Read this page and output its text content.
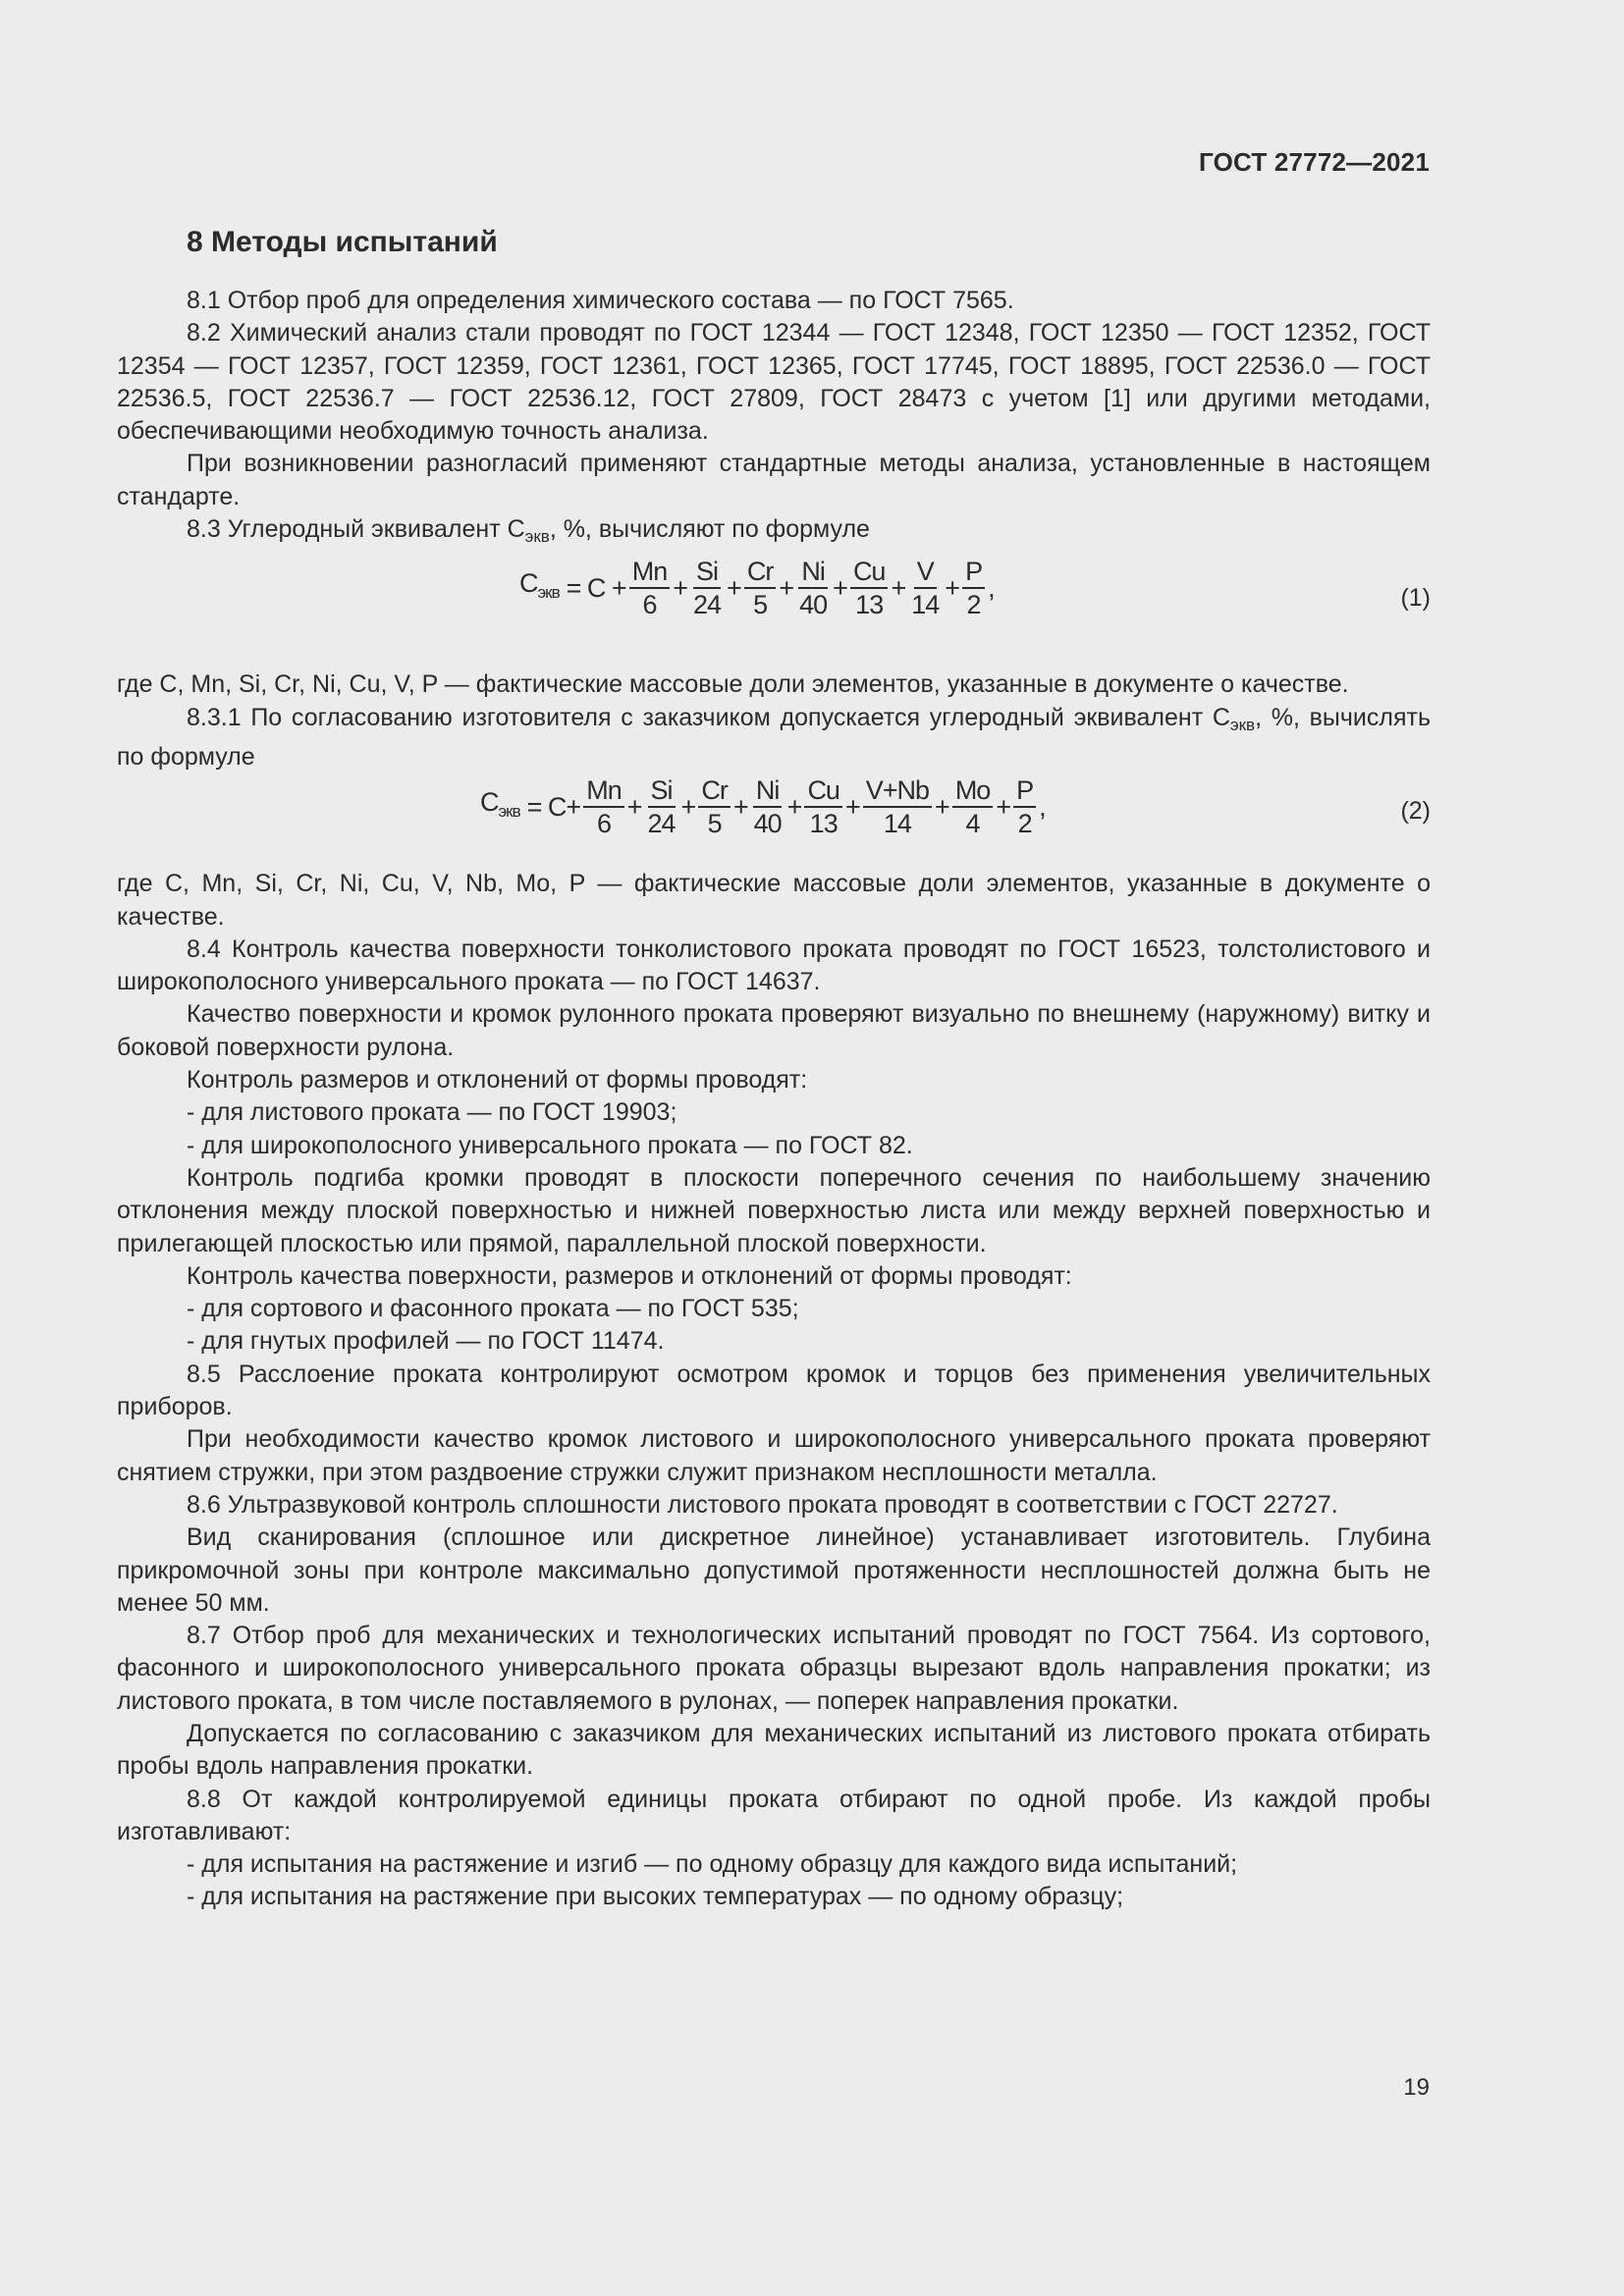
ГОСТ 27772—2021
8 Методы испытаний

8.1 Отбор проб для определения химического состава — по ГОСТ 7565.

8.2 Химический анализ стали проводят по ГОСТ 12344 — ГОСТ 12348, ГОСТ 12350 — ГОСТ 12352, ГОСТ 12354 — ГОСТ 12357, ГОСТ 12359, ГОСТ 12361, ГОСТ 12365, ГОСТ 17745, ГОСТ 18895, ГОСТ 22536.0 — ГОСТ 22536.5, ГОСТ 22536.7 — ГОСТ 22536.12, ГОСТ 27809, ГОСТ 28473 с учетом [1] или другими методами, обеспечивающими необходимую точность анализа.

При возникновении разногласий применяют стандартные методы анализа, установленные в настоящем стандарте.

8.3 Углеродный эквивалент $С_{экв}$, %, вычисляют по формуле

$С_{экв} = C + \frac{Mn}{6} + \frac{Si}{24} + \frac{Cr}{5} + \frac{Ni}{40} + \frac{Cu}{13} + \frac{V}{14} + \frac{P}{2}$ ,	(1)

где C, Mn, Si, Cr, Ni, Cu, V, P — фактические массовые доли элементов, указанные в документе о качестве.

8.3.1 По согласованию изготовителя с заказчиком допускается углеродный эквивалент $С_{экв}$, %, вычислять по формуле

$С_{экв} = C+ \frac{Mn}{6} + \frac{Si}{24} + \frac{Cr}{5} + \frac{Ni}{40} + \frac{Cu}{13} + \frac{V+Nb}{14} + \frac{Mo}{4} + \frac{P}{2}$ ,	(2)

где C, Mn, Si, Cr, Ni, Cu, V, Nb, Mo, P — фактические массовые доли элементов, указанные в документе о качестве.

8.4 Контроль качества поверхности тонколистового проката проводят по ГОСТ 16523, толстолистового и широкополосного универсального проката — по ГОСТ 14637.

Качество поверхности и кромок рулонного проката проверяют визуально по внешнему (наружному) витку и боковой поверхности рулона.

Контроль размеров и отклонений от формы проводят:

- для листового проката — по ГОСТ 19903;

- для широкополосного универсального проката — по ГОСТ 82.

Контроль подгиба кромки проводят в плоскости поперечного сечения по наибольшему значению отклонения между плоской поверхностью и нижней поверхностью листа или между верхней поверхностью и прилегающей плоскостью или прямой, параллельной плоской поверхности.

Контроль качества поверхности, размеров и отклонений от формы проводят:

- для сортового и фасонного проката — по ГОСТ 535;

- для гнутых профилей — по ГОСТ 11474.

8.5 Расслоение проката контролируют осмотром кромок и торцов без применения увеличительных приборов.

При необходимости качество кромок листового и широкополосного универсального проката проверяют снятием стружки, при этом раздвоение стружки служит признаком несплошности металла.

8.6 Ультразвуковой контроль сплошности листового проката проводят в соответствии с ГОСТ 22727.

Вид сканирования (сплошное или дискретное линейное) устанавливает изготовитель. Глубина прикромочной зоны при контроле максимально допустимой протяженности несплошностей должна быть не менее 50 мм.

8.7 Отбор проб для механических и технологических испытаний проводят по ГОСТ 7564. Из сортового, фасонного и широкополосного универсального проката образцы вырезают вдоль направления прокатки; из листового проката, в том числе поставляемого в рулонах, — поперек направления прокатки.

Допускается по согласованию с заказчиком для механических испытаний из листового проката отбирать пробы вдоль направления прокатки.

8.8 От каждой контролируемой единицы проката отбирают по одной пробе. Из каждой пробы изготавливают:

- для испытания на растяжение и изгиб — по одному образцу для каждого вида испытаний;

- для испытания на растяжение при высоких температурах — по одному образцу;

19
